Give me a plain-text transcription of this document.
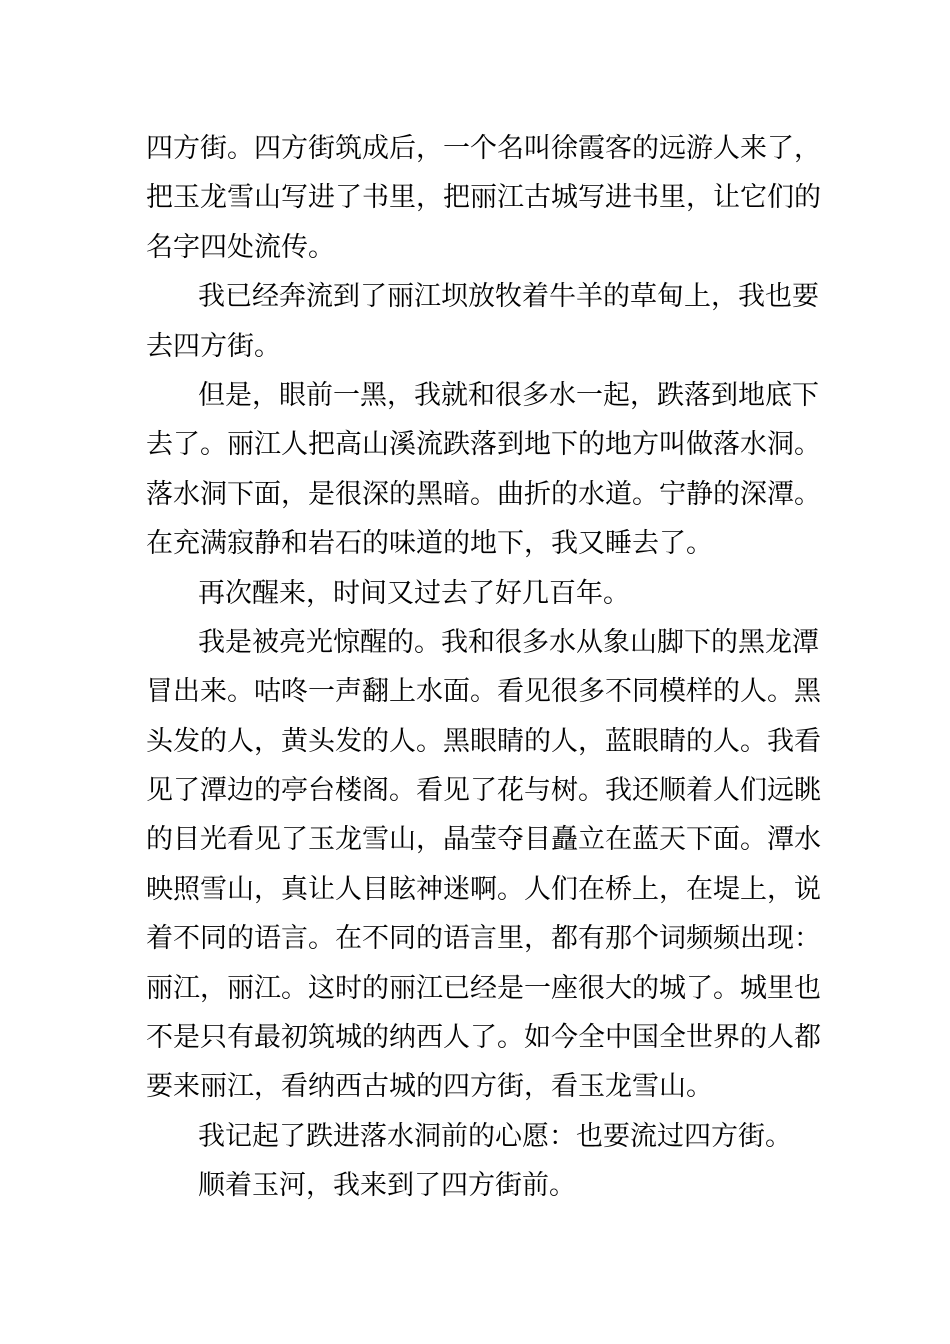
四方街。四方街筑成后，一个名叫徐霞客的远游人来了，
把玉龙雪山写进了书里，把丽江古城写进书里，让它们的
名字四处流传。
我已经奔流到了丽江坝放牧着牛羊的草甸上，我也要
去四方街。
但是，眼前一黑，我就和很多水一起，跌落到地底下
去了。丽江人把高山溪流跌落到地下的地方叫做落水洞。
落水洞下面，是很深的黑暗。曲折的水道。宁静的深潭。
在充满寂静和岩石的味道的地下，我又睡去了。
再次醒来，时间又过去了好几百年。
我是被亮光惊醒的。我和很多水从象山脚下的黑龙潭
冒出来。咕咚一声翻上水面。看见很多不同模样的人。黑
头发的人，黄头发的人。黑眼睛的人，蓝眼睛的人。我看
见了潭边的亭台楼阁。看见了花与树。我还顺着人们远眺
的目光看见了玉龙雪山，晶莹夺目矗立在蓝天下面。潭水
映照雪山，真让人目眩神迷啊。人们在桥上，在堤上，说
着不同的语言。在不同的语言里，都有那个词频频出现：
丽江，丽江。这时的丽江已经是一座很大的城了。城里也
不是只有最初筑城的纳西人了。如今全中国全世界的人都
要来丽江，看纳西古城的四方街，看玉龙雪山。
我记起了跌进落水洞前的心愿：也要流过四方街。
顺着玉河，我来到了四方街前。
